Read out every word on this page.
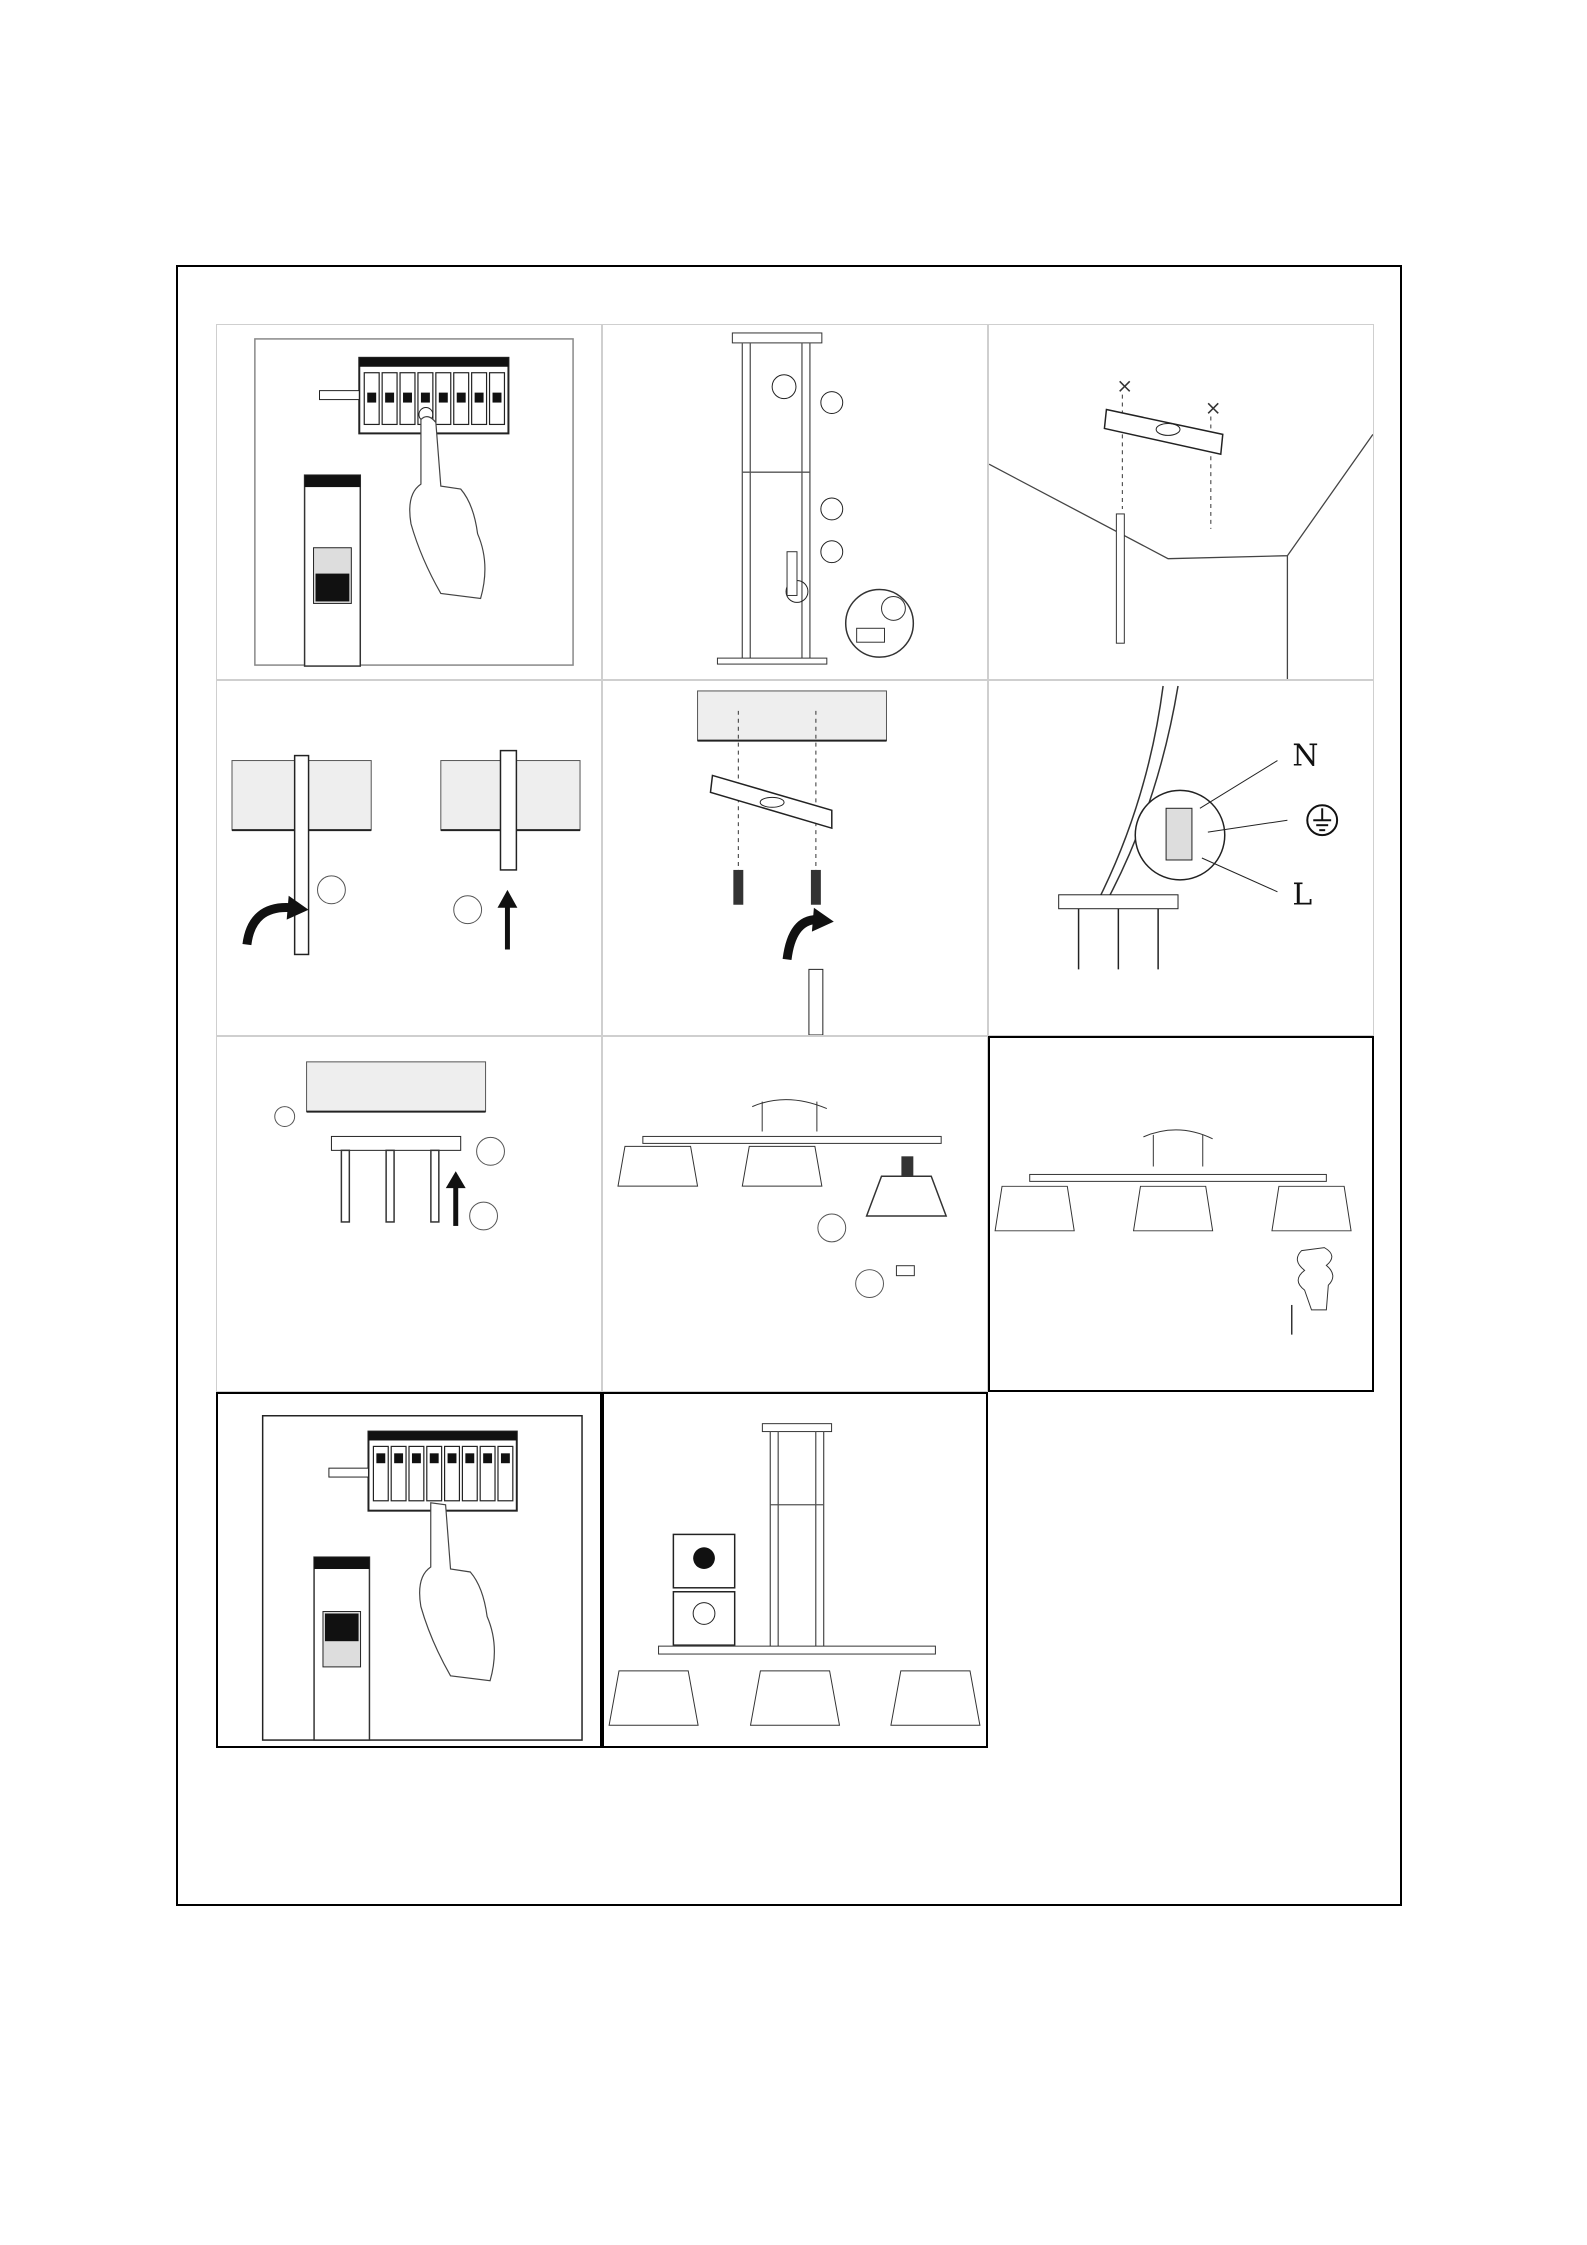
×
×
N
L
